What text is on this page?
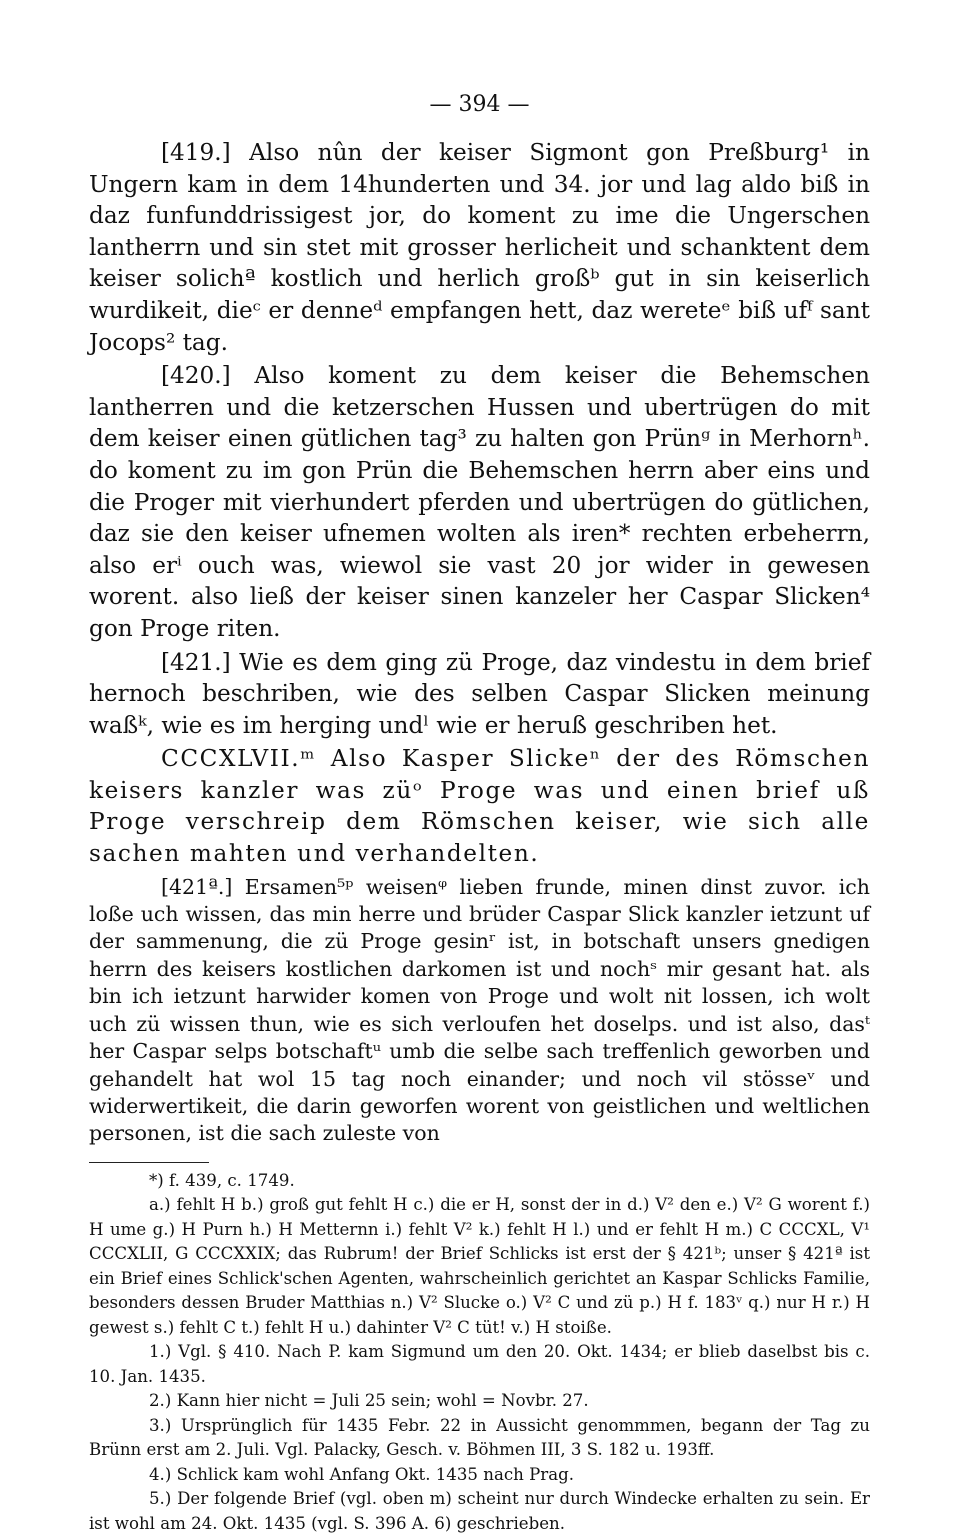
— 394 —

[419.] Also nûn der keiser Sigmont gon Preßburg¹ in Ungern kam in dem 14hunderten und 34. jor und lag aldo biß in daz funfunddrissigest jor, do koment zu ime die Ungerschen lantherrn und sin stet mit grosser herlicheit und schanktent dem keiser solichª kostlich und herlich großᵇ gut in sin keiserlich wurdikeit, dieᶜ er denneᵈ empfangen hett, daz wereteᵉ biß ufᶠ sant Jocops² tag.

[420.] Also koment zu dem keiser die Behemschen lantherren und die ketzerschen Hussen und ubertrügen do mit dem keiser einen gütlichen tag³ zu halten gon Prünᵍ in Merhornʰ. do koment zu im gon Prün die Behemschen herrn aber eins und die Proger mit vierhundert pferden und ubertrügen do gütlichen, daz sie den keiser ufnemen wolten als iren* rechten erbeherrn, also erⁱ ouch was, wiewol sie vast 20 jor wider in gewesen worent. also ließ der keiser sinen kanzeler her Caspar Slicken⁴ gon Proge riten.

[421.] Wie es dem ging zü Proge, daz vindestu in dem brief hernoch beschriben, wie des selben Caspar Slicken meinung waßᵏ, wie es im herging undˡ wie er heruß geschriben het.

CCCXLVII.ᵐ Also Kasper Slickeⁿ der des Römschen keisers kanzler was züᵒ Proge was und einen brief uß Proge verschreip dem Römschen keiser, wie sich alle sachen mahten und verhandelten.

[421ª.] Ersamen⁵ᵖ weisenᵠ lieben frunde, minen dinst zuvor. ich loße uch wissen, das min herre und brüder Caspar Slick kanzler ietzunt uf der sammenung, die zü Proge gesinʳ ist, in botschaft unsers gnedigen herrn des keisers kostlichen darkomen ist und nochˢ mir gesant hat. als bin ich ietzunt harwider komen von Proge und wolt nit lossen, ich wolt uch zü wissen thun, wie es sich verloufen het doselps. und ist also, dasᵗ her Caspar selps botschaftᵘ umb die selbe sach treffenlich geworben und gehandelt hat wol 15 tag noch einander; und noch vil stösseᵛ und widerwertikeit, die darin geworfen worent von geistlichen und weltlichen personen, ist die sach zuleste von

*) f. 439, c. 1749.

a.) fehlt H b.) groß gut fehlt H c.) die er H, sonst der in d.) V² den e.) V² G worent f.) H ume g.) H Purn h.) H Metternn i.) fehlt V² k.) fehlt H l.) und er fehlt H m.) C CCCXL, V¹ CCCXLII, G CCCXXIX; das Rubrum! der Brief Schlicks ist erst der § 421ᵇ; unser § 421ª ist ein Brief eines Schlick'schen Agenten, wahrscheinlich gerichtet an Kaspar Schlicks Familie, besonders dessen Bruder Matthias n.) V² Slucke o.) V² C und zü p.) H f. 183ᵛ q.) nur H r.) H gewest s.) fehlt C t.) fehlt H u.) dahinter V² C tüt! v.) H stoiße.

1.) Vgl. § 410. Nach P. kam Sigmund um den 20. Okt. 1434; er blieb daselbst bis c. 10. Jan. 1435.

2.) Kann hier nicht = Juli 25 sein; wohl = Novbr. 27.

3.) Ursprünglich für 1435 Febr. 22 in Aussicht genommmen, begann der Tag zu Brünn erst am 2. Juli. Vgl. Palacky, Gesch. v. Böhmen III, 3 S. 182 u. 193ff.

4.) Schlick kam wohl Anfang Okt. 1435 nach Prag.

5.) Der folgende Brief (vgl. oben m) scheint nur durch Windecke erhalten zu sein. Er ist wohl am 24. Okt. 1435 (vgl. S. 396 A. 6) geschrieben.
